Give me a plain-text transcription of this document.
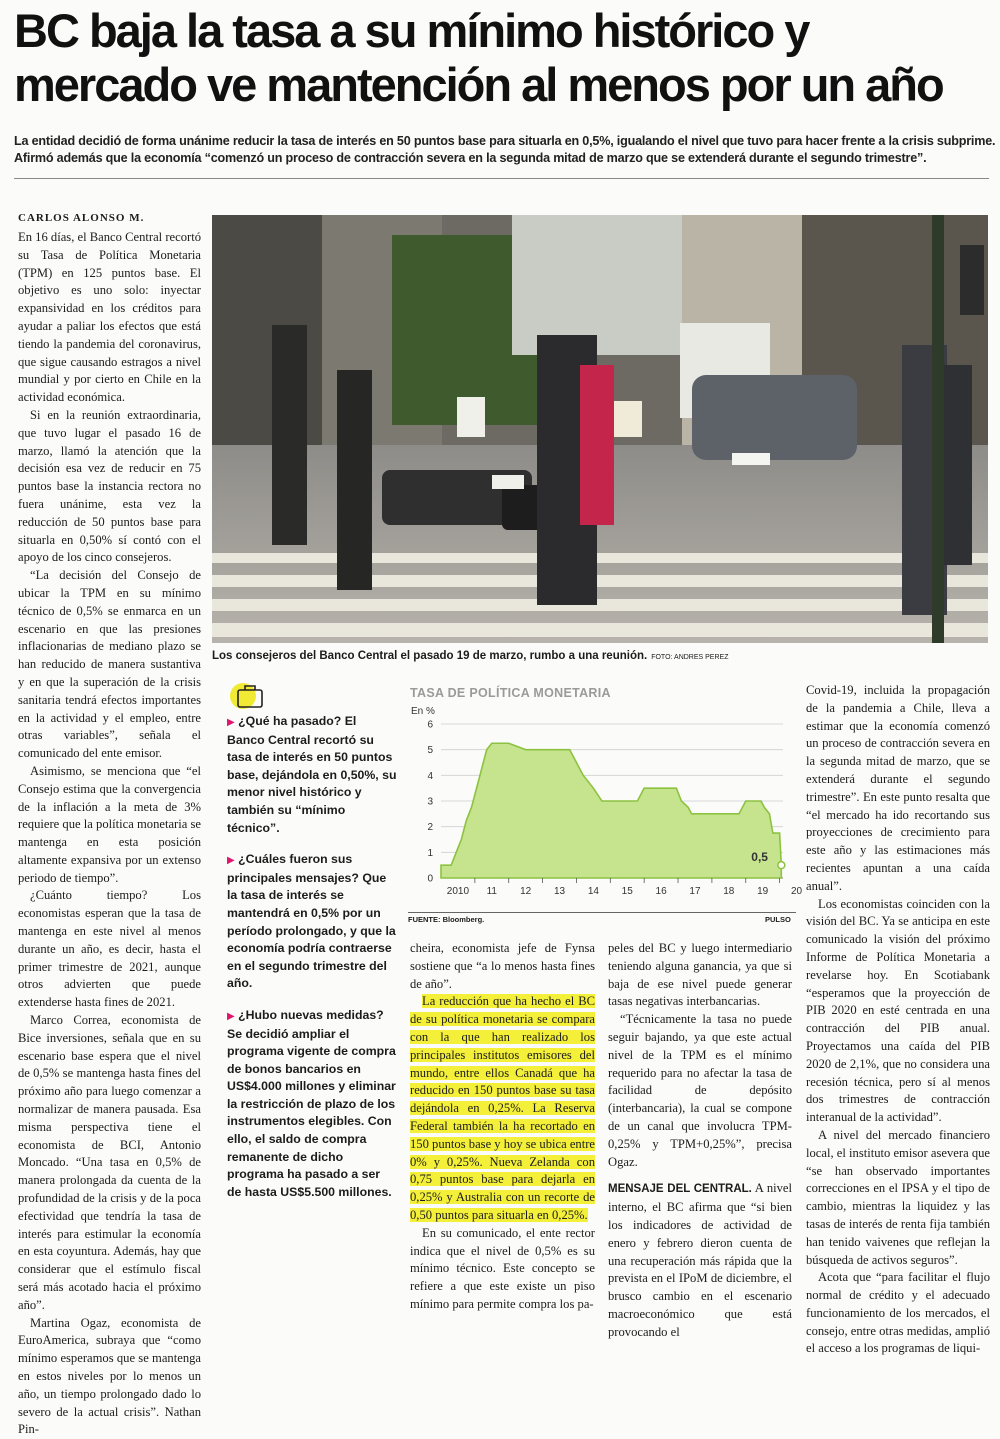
BC baja la tasa a su mínimo histórico y
mercado ve mantención al menos por un año
La entidad decidió de forma unánime reducir la tasa de interés en 50 puntos base para situarla en 0,5%, igualando el nivel que tuvo para hacer frente a la crisis subprime.
Afirmó además que la economía “comenzó un proceso de contracción severa en la segunda mitad de marzo que se extenderá durante el segundo trimestre”.
CARLOS ALONSO M.

En 16 días, el Banco Central recortó su Tasa de Política Monetaria (TPM) en 125 puntos base. El objetivo es uno solo: inyectar expansividad en los créditos para ayudar a paliar los efectos que está tiendo la pandemia del coronavirus, que sigue causando estragos a nivel mundial y por cierto en Chile en la actividad económica.

Si en la reunión extraordinaria, que tuvo lugar el pasado 16 de marzo, llamó la atención que la decisión esa vez de reducir en 75 puntos base la instancia rectora no fuera unánime, esta vez la reducción de 50 puntos base para situarla en 0,50% sí contó con el apoyo de los cinco consejeros.

“La decisión del Consejo de ubicar la TPM en su mínimo técnico de 0,5% se enmarca en un escenario en que las presiones inflacionarias de mediano plazo se han reducido de manera sustantiva y en que la superación de la crisis sanitaria tendrá efectos importantes en la actividad y el empleo, entre otras variables”, señala el comunicado del ente emisor.

Asimismo, se menciona que “el Consejo estima que la convergencia de la inflación a la meta de 3% requiere que la política monetaria se mantenga en esta posición altamente expansiva por un extenso periodo de tiempo”.

¿Cuánto tiempo? Los economistas esperan que la tasa de mantenga en este nivel al menos durante un año, es decir, hasta el primer trimestre de 2021, aunque otros advierten que puede extenderse hasta fines de 2021.

Marco Correa, economista de Bice inversiones, señala que en su escenario base espera que el nivel de 0,5% se mantenga hasta fines del próximo año para luego comenzar a normalizar de manera pausada. Esa misma perspectiva tiene el economista de BCI, Antonio Moncado. “Una tasa en 0,5% de manera prolongada da cuenta de la profundidad de la crisis y de la poca efectividad que tendría la tasa de interés para estimular la economía en esta coyuntura. Además, hay que considerar que el estímulo fiscal será más acotado hacia el próximo año”.

Martina Ogaz, economista de EuroAmerica, subraya que “como mínimo esperamos que se mantenga en estos niveles por lo menos un año, un tiempo prolongado dado lo severo de la actual crisis”. Nathan Pin-

Los consejeros del Banco Central el pasado 19 de marzo, rumbo a una reunión. FOTO: ANDRES PEREZ
▶ ¿Qué ha pasado? El Banco Central recortó su tasa de interés en 50 puntos base, dejándola en 0,50%, su menor nivel histórico y también su “mínimo técnico”.
▶ ¿Cuáles fueron sus principales mensajes? Que la tasa de interés se mantendrá en 0,5% por un período prolongado, y que la economía podría contraerse en el segundo trimestre del año.
▶ ¿Hubo nuevas medidas? Se decidió ampliar el programa vigente de compra de bonos bancarios en US$4.000 millones y eliminar la restricción de plazo de los instrumentos elegibles. Con ello, el saldo de compra remanente de dicho programa ha pasado a ser de hasta US$5.500 millones.
TASA DE POLÍTICA MONETARIA
En %
0
1
2
3
4
5
6
2010 11 12 13 14 15 16 17 18 19 20
0,5
FUENTE: Bloomberg.	PULSO

cheira, economista jefe de Fynsa sostiene que “a lo menos hasta fines de año”.

La reducción que ha hecho el BC de su política monetaria se compara con la que han realizado los principales institutos emisores del mundo, entre ellos Canadá que ha reducido en 150 puntos base su tasa dejándola en 0,25%. La Reserva Federal también la ha recortado en 150 puntos base y hoy se ubica entre 0% y 0,25%. Nueva Zelanda con 0,75 puntos base para dejarla en 0,25% y Australia con un recorte de 0,50 puntos para situarla en 0,25%.

En su comunicado, el ente rector indica que el nivel de 0,5% es su mínimo técnico. Este concepto se refiere a que este existe un piso mínimo para permite compra los pa-

peles del BC y luego intermediario teniendo alguna ganancia, ya que si baja de ese nivel puede generar tasas negativas interbancarias.

“Técnicamente la tasa no puede seguir bajando, ya que este actual nivel de la TPM es el mínimo requerido para no afectar la tasa de facilidad de depósito (interbancaria), la cual se compone de un canal que involucra TPM-0,25% y TPM+0,25%”, precisa Ogaz.

MENSAJE DEL CENTRAL. A nivel interno, el BC afirma que “si bien los indicadores de actividad de enero y febrero dieron cuenta de una recuperación más rápida que la prevista en el IPoM de diciembre, el brusco cambio en el escenario macroeconómico que está provocando el

Covid-19, incluida la propagación de la pandemia a Chile, lleva a estimar que la economía comenzó un proceso de contracción severa en la segunda mitad de marzo, que se extenderá durante el segundo trimestre”. En este punto resalta que “el mercado ha ido recortando sus proyecciones de crecimiento para este año y las estimaciones más recientes apuntan a una caída anual”.

Los economistas coinciden con la visión del BC. Ya se anticipa en este comunicado la visión del próximo Informe de Política Monetaria a revelarse hoy. En Scotiabank “esperamos que la proyección de PIB 2020 en esté centrada en una contracción del PIB anual. Proyectamos una caída del PIB 2020 de 2,1%, que no considera una recesión técnica, pero sí al menos dos trimestres de contracción interanual de la actividad”.

A nivel del mercado financiero local, el instituto emisor asevera que “se han observado importantes correcciones en el IPSA y el tipo de cambio, mientras la liquidez y las tasas de interés de renta fija también han tenido vaivenes que reflejan la búsqueda de activos seguros”.

Acota que “para facilitar el flujo normal de crédito y el adecuado funcionamiento de los mercados, el consejo, entre otras medidas, amplió el acceso a los programas de liqui-
